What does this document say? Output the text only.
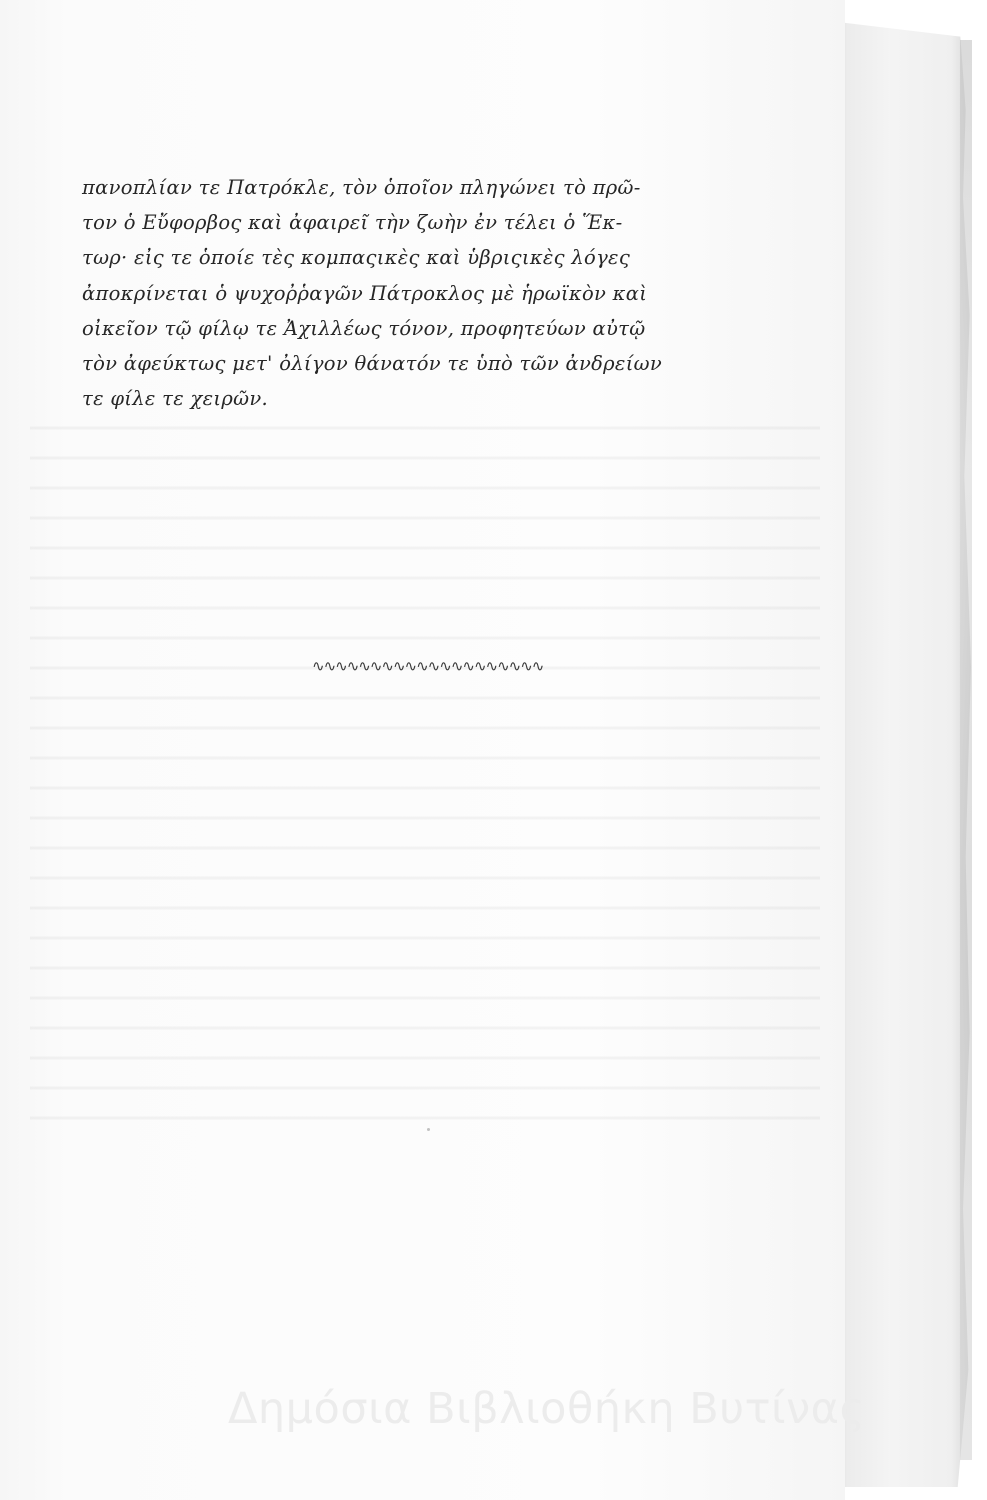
πανοπλίαν τε Πατρόκλε, τὸν ὁποῖον πληγώνει τὸ πρῶ-
τον ὁ Εὔφορβος καὶ ἀφαιρεῖ τὴν ζωὴν ἐν τέλει ὁ Ἕκ-
τωρ· εἰς τε ὁποίε τὲς κομπαςικὲς καὶ ὑβριςικὲς λόγες
ἀποκρίνεται ὁ ψυχοῤῥαγῶν Πάτροκλος μὲ ἡρωϊκὸν καὶ
οἰκεῖον τῷ φίλῳ τε Ἀχιλλέως τόνον, προφητεύων αὐτῷ
τὸν ἀφεύκτως μετ' ὀλίγον θάνατόν τε ὑπὸ τῶν ἀνδρείων
τε φίλε τε χειρῶν.
∿∿∿∿∿∿∿∿∿∿∿∿∿∿∿∿∿∿∿∿
Δημόσια Βιβλιοθήκη Βυτίνας
